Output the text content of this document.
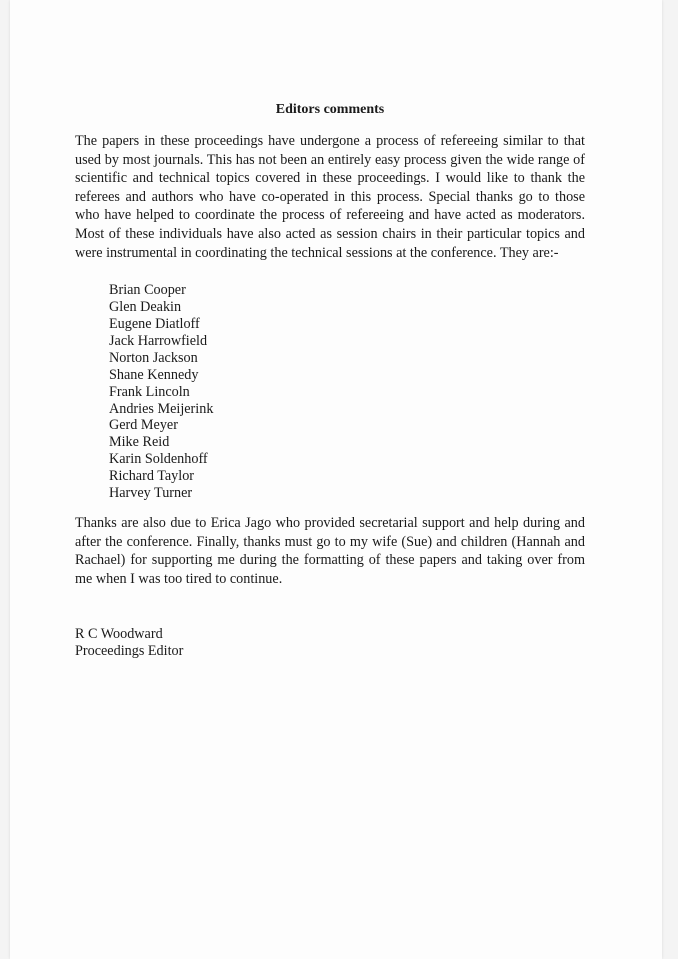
Editors comments

The papers in these proceedings have undergone a process of refereeing similar to that used by most journals. This has not been an entirely easy process given the wide range of scientific and technical topics covered in these proceedings. I would like to thank the referees and authors who have co-operated in this process. Special thanks go to those who have helped to coordinate the process of refereeing and have acted as moderators. Most of these individuals have also acted as session chairs in their particular topics and were instrumental in coordinating the technical sessions at the conference. They are:-

Brian Cooper
Glen Deakin
Eugene Diatloff
Jack Harrowfield
Norton Jackson
Shane Kennedy
Frank Lincoln
Andries Meijerink
Gerd Meyer
Mike Reid
Karin Soldenhoff
Richard Taylor
Harvey Turner

Thanks are also due to Erica Jago who provided secretarial support and help during and after the conference. Finally, thanks must go to my wife (Sue) and children (Hannah and Rachael) for supporting me during the formatting of these papers and taking over from me when I was too tired to continue.

R C Woodward
Proceedings Editor
